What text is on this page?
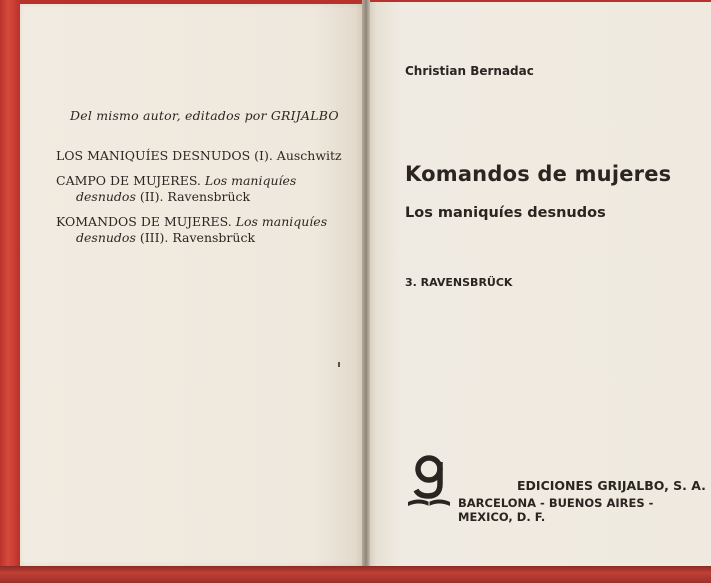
Del mismo autor, editados por GRIJALBO
LOS MANIQUÍES DESNUDOS (I). Auschwitz
CAMPO DE MUJERES. Los maniquíes desnudos (II). Ravensbrück
KOMANDOS DE MUJERES. Los maniquíes desnudos (III). Ravensbrück
Christian Bernadac
Komandos de mujeres
Los maniquíes desnudos
3. RAVENSBRÜCK
EDICIONES GRIJALBO, S. A.
BARCELONA - BUENOS AIRES - MEXICO, D. F.
